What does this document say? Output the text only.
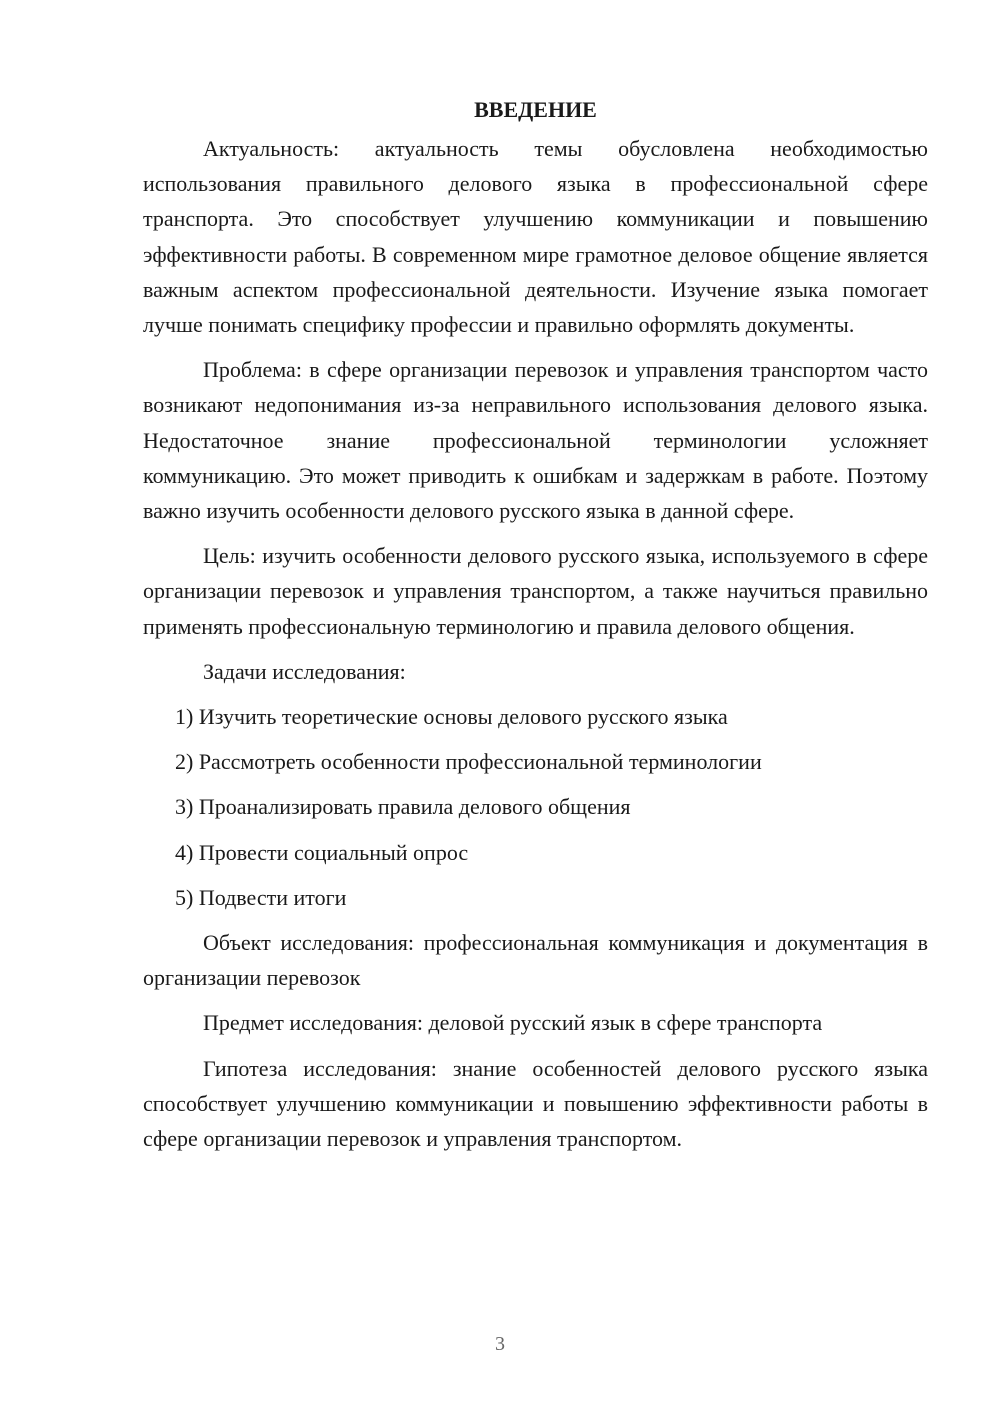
ВВЕДЕНИЕ

Актуальность: актуальность темы обусловлена необходимостью использования правильного делового языка в профессиональной сфере транспорта. Это способствует улучшению коммуникации и повышению эффективности работы. В современном мире грамотное деловое общение является важным аспектом профессиональной деятельности. Изучение языка помогает лучше понимать специфику профессии и правильно оформлять документы.

Проблема: в сфере организации перевозок и управления транспортом часто возникают недопонимания из-за неправильного использования делового языка. Недостаточное знание профессиональной терминологии усложняет коммуникацию. Это может приводить к ошибкам и задержкам в работе. Поэтому важно изучить особенности делового русского языка в данной сфере.

Цель: изучить особенности делового русского языка, используемого в сфере организации перевозок и управления транспортом, а также научиться правильно применять профессиональную терминологию и правила делового общения.

Задачи исследования:

1) Изучить теоретические основы делового русского языка
2) Рассмотреть особенности профессиональной терминологии
3) Проанализировать правила делового общения
4) Провести социальный опрос
5) Подвести итоги

Объект исследования: профессиональная коммуникация и документация в организации перевозок

Предмет исследования: деловой русский язык в сфере транспорта

Гипотеза исследования: знание особенностей делового русского языка способствует улучшению коммуникации и повышению эффективности работы в сфере организации перевозок и управления транспортом.

3
